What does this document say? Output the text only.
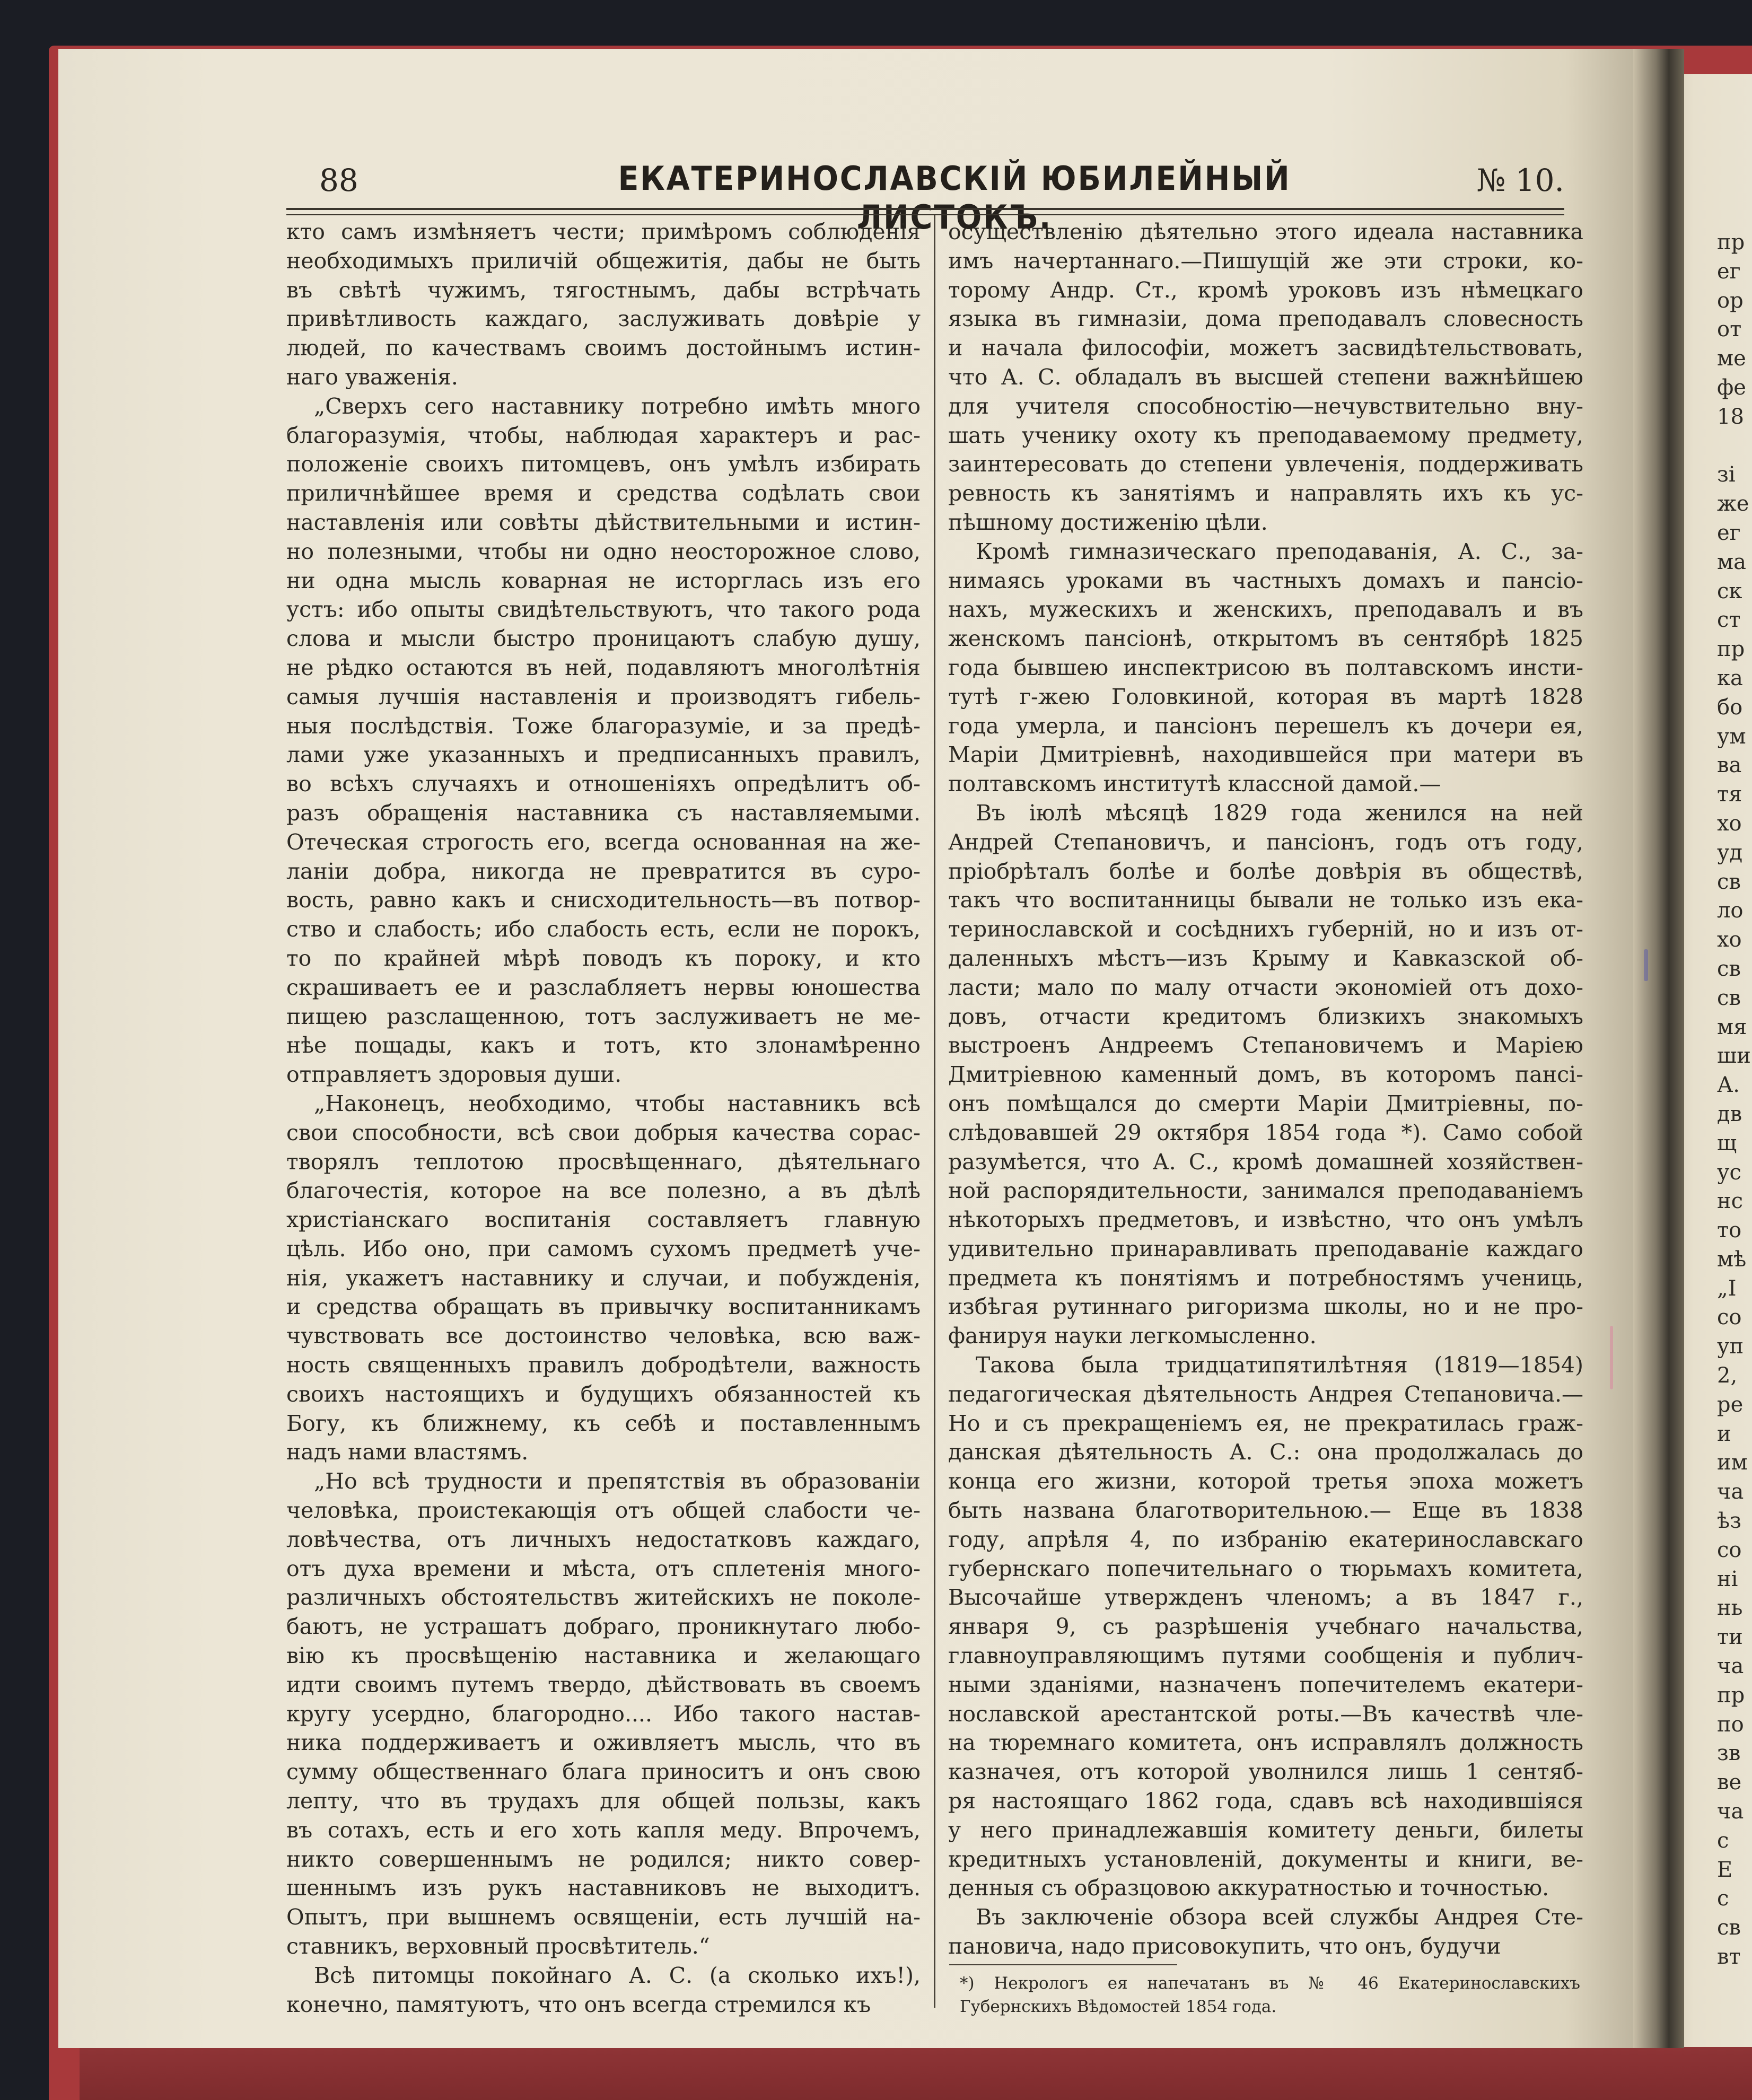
88	ЕКАТЕРИНОСЛАВСКІЙ ЮБИЛЕЙНЫЙ ЛИСТОКЪ.
№ 10.
кто самъ измѣняетъ чести; примѣромъ соблюденія
необходимыхъ приличій общежитія, дабы не быть
въ свѣтѣ чужимъ, тягостнымъ, дабы встрѣчать
привѣтливость каждаго, заслуживать довѣріе у
людей, по качествамъ своимъ достойнымъ истин-
наго уваженія.
„Сверхъ сего наставнику потребно имѣть много
благоразумія, чтобы, наблюдая характеръ и рас-
положеніе своихъ питомцевъ, онъ умѣлъ избирать
приличнѣйшее время и средства содѣлать свои
наставленія или совѣты дѣйствительными и истин-
но полезными, чтобы ни одно неосторожное слово,
ни одна мысль коварная не исторглась изъ его
устъ: ибо опыты свидѣтельствуютъ, что такого рода
слова и мысли быстро проницаютъ слабую душу,
не рѣдко остаются въ ней, подавляютъ многолѣтнія
самыя лучшія наставленія и производятъ гибель-
ныя послѣдствія. Тоже благоразуміе, и за предѣ-
лами уже указанныхъ и предписанныхъ правилъ,
во всѣхъ случаяхъ и отношеніяхъ опредѣлитъ об-
разъ обращенія наставника съ наставляемыми.
Отеческая строгость его, всегда основанная на же-
ланіи добра, никогда не превратится въ суро-
вость, равно какъ и снисходительность—въ потвор-
ство и слабость; ибо слабость есть, если не порокъ,
то по крайней мѣрѣ поводъ къ пороку, и кто
скрашиваетъ ее и разслабляетъ нервы юношества
пищею разслащенною, тотъ заслуживаетъ не ме-
нѣе пощады, какъ и тотъ, кто злонамѣренно
отправляетъ здоровыя души.
„Наконецъ, необходимо, чтобы наставникъ всѣ
свои способности, всѣ свои добрыя качества сорас-
творялъ теплотою просвѣщеннаго, дѣятельнаго
благочестія, которое на все полезно, а въ дѣлѣ
христіанскаго воспитанія составляетъ главную
цѣль. Ибо оно, при самомъ сухомъ предметѣ уче-
нія, укажетъ наставнику и случаи, и побужденія,
и средства обращать въ привычку воспитанникамъ
чувствовать все достоинство человѣка, всю важ-
ность священныхъ правилъ добродѣтели, важность
своихъ настоящихъ и будущихъ обязанностей къ
Богу, къ ближнему, къ себѣ и поставленнымъ
надъ нами властямъ.
„Но всѣ трудности и препятствія въ образованіи
человѣка, проистекающія отъ общей слабости че-
ловѣчества, отъ личныхъ недостатковъ каждаго,
отъ духа времени и мѣста, отъ сплетенія много-
различныхъ обстоятельствъ житейскихъ не поколе-
баютъ, не устрашатъ добраго, проникнутаго любо-
вію къ просвѣщенію наставника и желающаго
идти своимъ путемъ твердо, дѣйствовать въ своемъ
кругу усердно, благородно.... Ибо такого настав-
ника поддерживаетъ и оживляетъ мысль, что въ
сумму общественнаго блага приноситъ и онъ свою
лепту, что въ трудахъ для общей пользы, какъ
въ сотахъ, есть и его хоть капля меду. Впрочемъ,
никто совершеннымъ не родился; никто совер-
шеннымъ изъ рукъ наставниковъ не выходитъ.
Опытъ, при вышнемъ освященіи, есть лучшій на-
ставникъ, верховный просвѣтитель.“
Всѣ питомцы покойнаго А. С. (а сколько ихъ!),
конечно, памятуютъ, что онъ всегда стремился къ
осуществленію дѣятельно этого идеала наставника
имъ начертаннаго.—Пишущій же эти строки, ко-
торому Андр. Ст., кромѣ уроковъ изъ нѣмецкаго
языка въ гимназіи, дома преподавалъ словесность
и начала философіи, можетъ засвидѣтельствовать,
что А. С. обладалъ въ высшей степени важнѣйшею
для учителя способностію—нечувствительно вну-
шать ученику охоту къ преподаваемому предмету,
заинтересовать до степени увлеченія, поддерживать
ревность къ занятіямъ и направлять ихъ къ ус-
пѣшному достиженію цѣли.
Кромѣ гимназическаго преподаванія, А. С., за-
нимаясь уроками въ частныхъ домахъ и пансіо-
нахъ, мужескихъ и женскихъ, преподавалъ и въ
женскомъ пансіонѣ, открытомъ въ сентябрѣ 1825
года бывшею инспектрисою въ полтавскомъ инсти-
тутѣ г-жею Головкиной, которая въ мартѣ 1828
года умерла, и пансіонъ перешелъ къ дочери ея,
Маріи Дмитріевнѣ, находившейся при матери въ
полтавскомъ институтѣ классной дамой.—
Въ іюлѣ мѣсяцѣ 1829 года женился на ней
Андрей Степановичъ, и пансіонъ, годъ отъ году,
пріобрѣталъ болѣе и болѣе довѣрія въ обществѣ,
такъ что воспитанницы бывали не только изъ ека-
теринославской и сосѣднихъ губерній, но и изъ от-
даленныхъ мѣстъ—изъ Крыму и Кавказской об-
ласти; мало по малу отчасти экономіей отъ дохо-
довъ, отчасти кредитомъ близкихъ знакомыхъ
выстроенъ Андреемъ Степановичемъ и Маріею
Дмитріевною каменный домъ, въ которомъ пансі-
онъ помѣщался до смерти Маріи Дмитріевны, по-
слѣдовавшей 29 октября 1854 года *). Само собой
разумѣется, что А. С., кромѣ домашней хозяйствен-
ной распорядительности, занимался преподаваніемъ
нѣкоторыхъ предметовъ, и извѣстно, что онъ умѣлъ
удивительно принаравливать преподаваніе каждаго
предмета къ понятіямъ и потребностямъ учениць,
избѣгая рутиннаго ригоризма школы, но и не про-
фанируя науки легкомысленно.
Такова была тридцатипятилѣтняя (1819—1854)
педагогическая дѣятельность Андрея Степановича.—
Но и съ прекращеніемъ ея, не прекратилась граж-
данская дѣятельность А. С.: она продолжалась до
конца его жизни, которой третья эпоха можетъ
быть названа благотворительною.— Еще въ 1838
году, апрѣля 4, по избранію екатеринославскаго
губернскаго попечительнаго о тюрьмахъ комитета,
Высочайше утвержденъ членомъ; а въ 1847 г.,
января 9, съ разрѣшенія учебнаго начальства,
главноуправляющимъ путями сообщенія и публич-
ными зданіями, назначенъ попечителемъ екатери-
нославской арестантской роты.—Въ качествѣ чле-
на тюремнаго комитета, онъ исправлялъ должность
казначея, отъ которой уволнился лишь 1 сентяб-
ря настоящаго 1862 года, сдавъ всѣ находившіяся
у него принадлежавшія комитету деньги, билеты
кредитныхъ установленій, документы и книги, ве-
денныя съ образцовою аккуратностью и точностью.
Въ заключеніе обзора всей службы Андрея Сте-
пановича, надо присовокупить, что онъ, будучи
*) Некрологъ ея напечатанъ въ № 46 Екатеринославскихъ
Губернскихъ Вѣдомостей 1854 года.
пр
ег
ор
от
ме
фе
18
зі
же
ег
ма
ск
ст
пр
ка
бо
ум
ва
тя
хо
уд
св
ло
хо
св
св
мя
ши
А.
дв
щ
ус
нс
то
мѣ
„І
со
уп
2,
ре
и
им
ча
ѣз
со
ні
нь
ти
ча
пр
по
зв
ве
ча
с
Е
с
св
вт
